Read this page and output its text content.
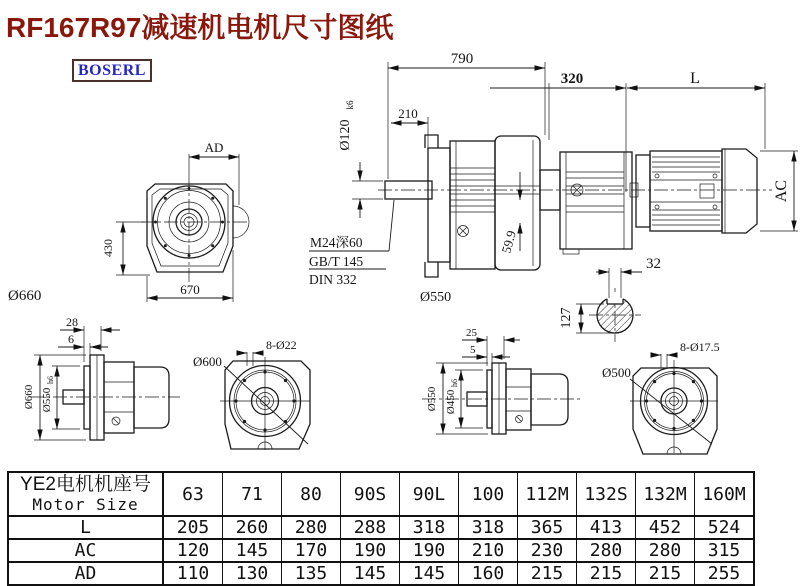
RF167R97减速机电机尺寸图纸
BOSERL
AD
430
670
790
210
Ø120
k6
M24深60
GB/T 145
DIN 332
59.9
Ø660	Ø550
320	L
AC
32
127
28
6
Ø660 Ø550
h6
Ø600
8-Ø22
25
5
Ø550 Ø450
h6
Ø500
8-Ø17.5
YE2电机机座号
Motor Size	63	71	80	90S	90L	100	112M	132S	132M	160M
L	205	260	280	288	318	318	365	413	452	524
AC	120	145	170	190	190	210	230	280	280	315
AD	110	130	135	145	145	160	215	215	215	255
